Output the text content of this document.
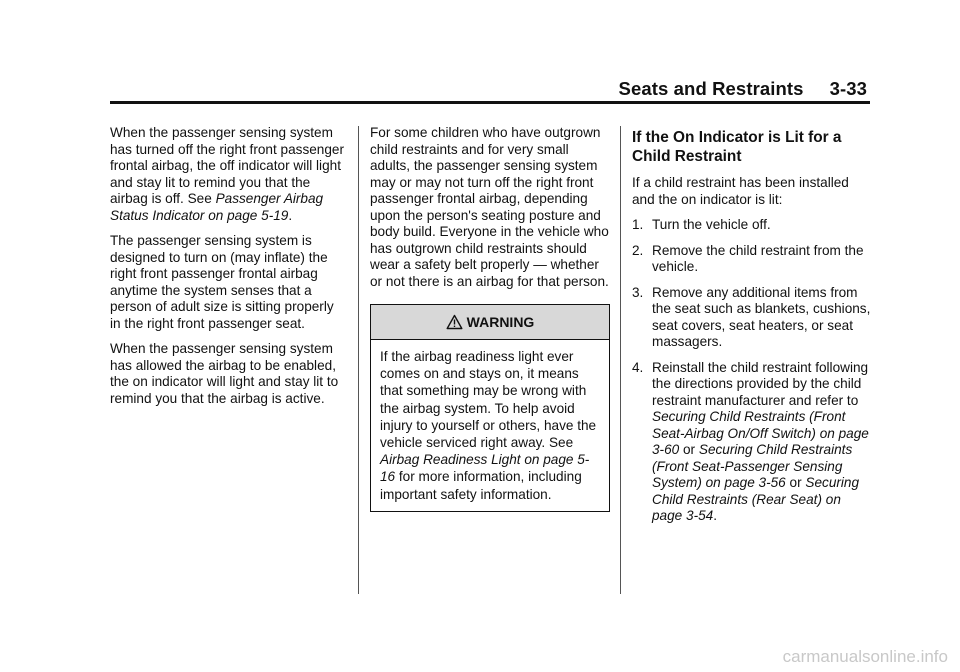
Seats and Restraints 3-33

When the passenger sensing system has turned off the right front passenger frontal airbag, the off indicator will light and stay lit to remind you that the airbag is off. See Passenger Airbag Status Indicator on page 5-19.

The passenger sensing system is designed to turn on (may inflate) the right front passenger frontal airbag anytime the system senses that a person of adult size is sitting properly in the right front passenger seat.

When the passenger sensing system has allowed the airbag to be enabled, the on indicator will light and stay lit to remind you that the airbag is active.

For some children who have outgrown child restraints and for very small adults, the passenger sensing system may or may not turn off the right front passenger frontal airbag, depending upon the person's seating posture and body build. Everyone in the vehicle who has outgrown child restraints should wear a safety belt properly — whether or not there is an airbag for that person.

WARNING
If the airbag readiness light ever comes on and stays on, it means that something may be wrong with the airbag system. To help avoid injury to yourself or others, have the vehicle serviced right away. See Airbag Readiness Light on page 5-16 for more information, including important safety information.
If the On Indicator is Lit for a Child Restraint

If a child restraint has been installed and the on indicator is lit:

1. Turn the vehicle off.
2. Remove the child restraint from the vehicle.
3. Remove any additional items from the seat such as blankets, cushions, seat covers, seat heaters, or seat massagers.
4. Reinstall the child restraint following the directions provided by the child restraint manufacturer and refer to Securing Child Restraints (Front Seat-Airbag On/Off Switch) on page 3-60 or Securing Child Restraints (Front Seat-Passenger Sensing System) on page 3-56 or Securing Child Restraints (Rear Seat) on page 3-54.
carmanualsonline.info
